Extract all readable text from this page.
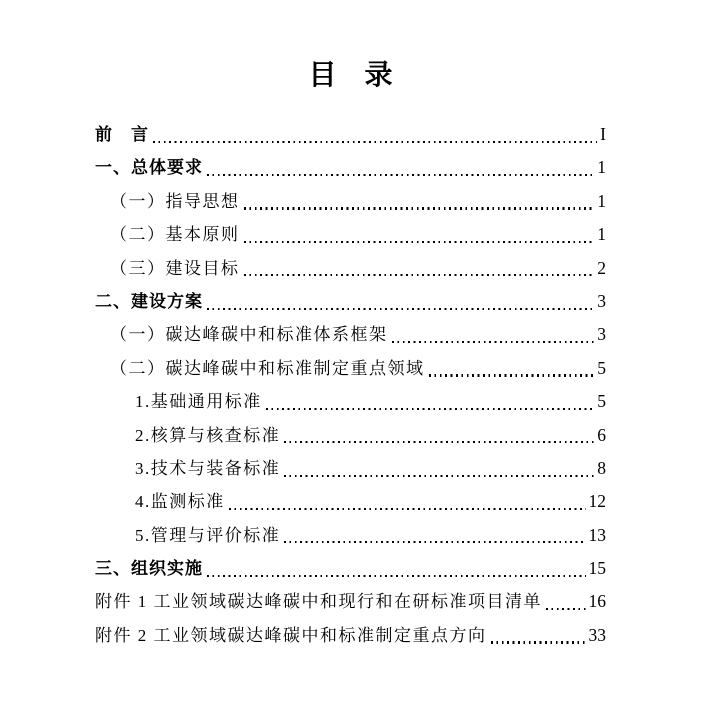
目　录
前　言	I
一、总体要求	1
（一）指导思想	1
（二）基本原则	1
（三）建设目标	2
二、建设方案	3
（一）碳达峰碳中和标准体系框架	3
（二）碳达峰碳中和标准制定重点领域	5
1.基础通用标准	5
2.核算与核查标准	6
3.技术与装备标准	8
4.监测标准	12
5.管理与评价标准	13
三、组织实施	15
附件 1 工业领域碳达峰碳中和现行和在研标准项目清单	16
附件 2 工业领域碳达峰碳中和标准制定重点方向	33
